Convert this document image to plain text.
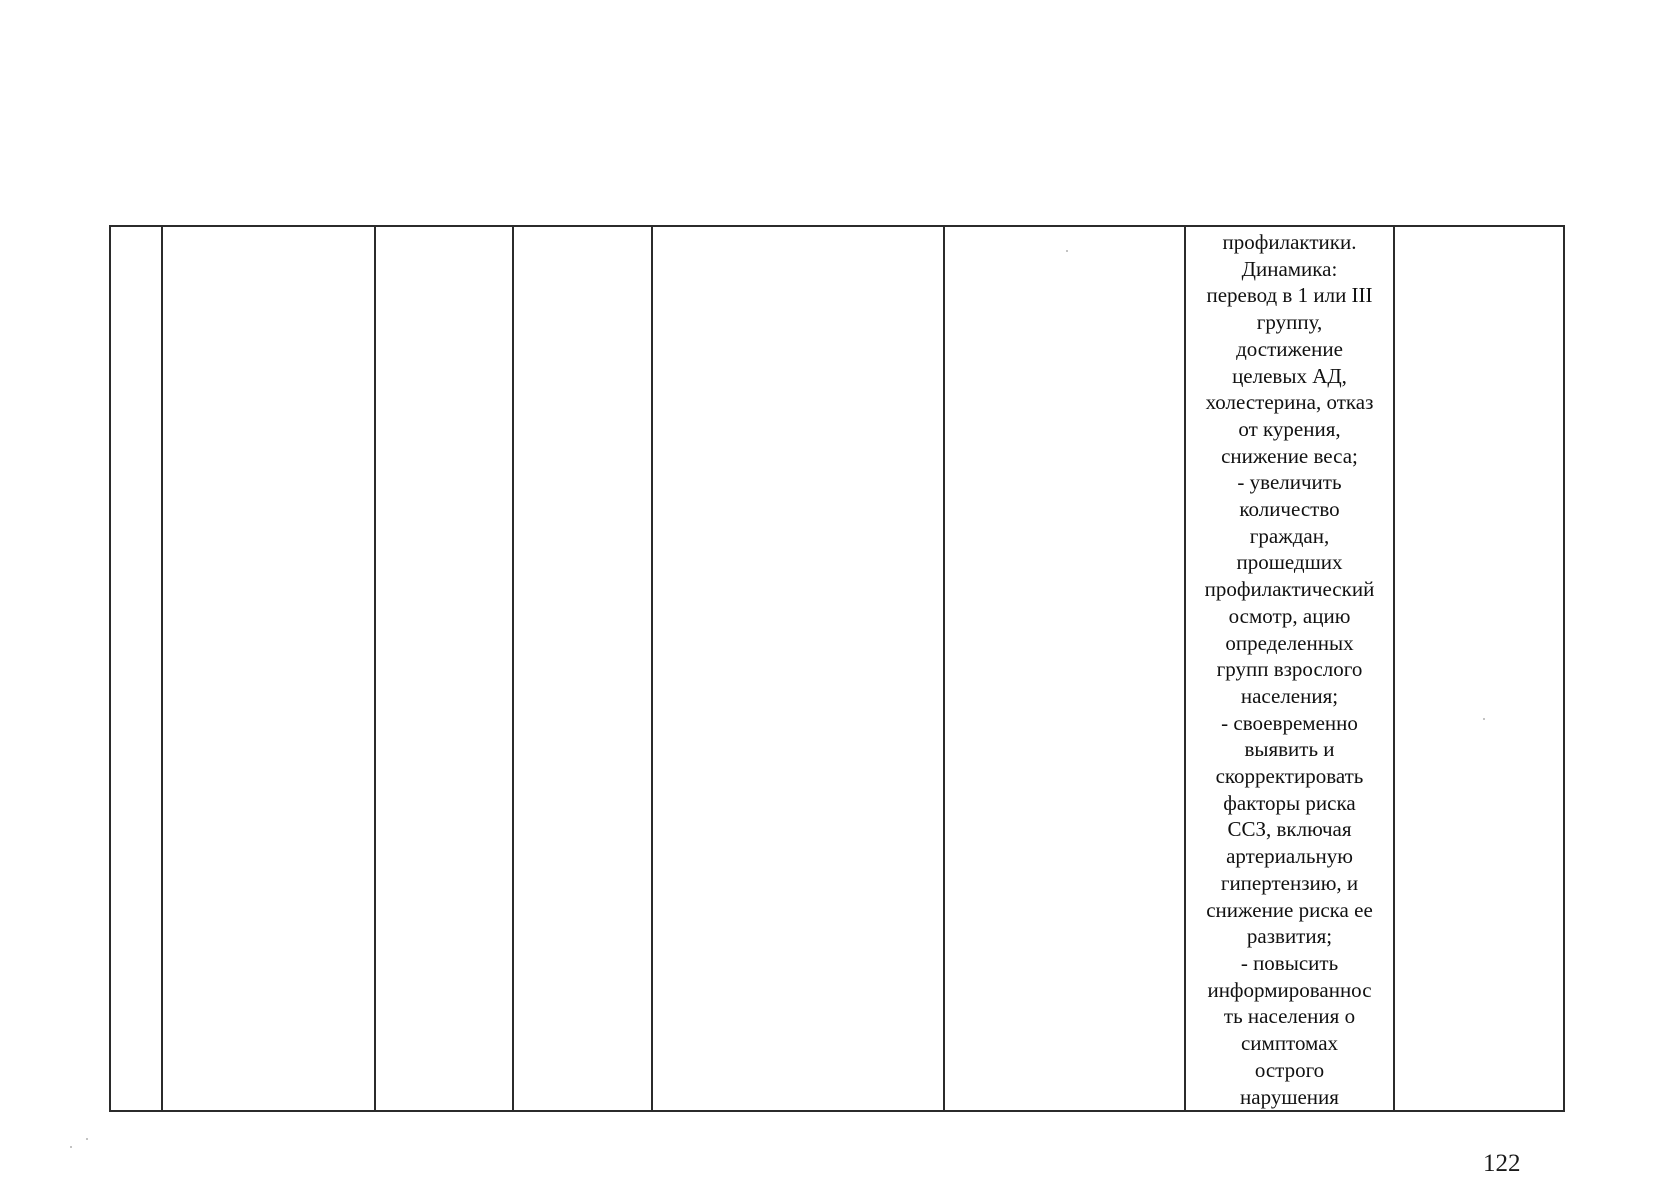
профилактики.
Динамика:
перевод в 1 или III
группу,
достижение
целевых АД,
холестерина, отказ
от курения,
снижение веса;
- увеличить
количество
граждан,
прошедших
профилактический
осмотр, ацию
определенных
групп взрослого
населения;
- своевременно
выявить и
скорректировать
факторы риска
ССЗ, включая
артериальную
гипертензию, и
снижение риска ее
развития;
- повысить
информированнос
ть населения о
симптомах
острого
нарушения

122
